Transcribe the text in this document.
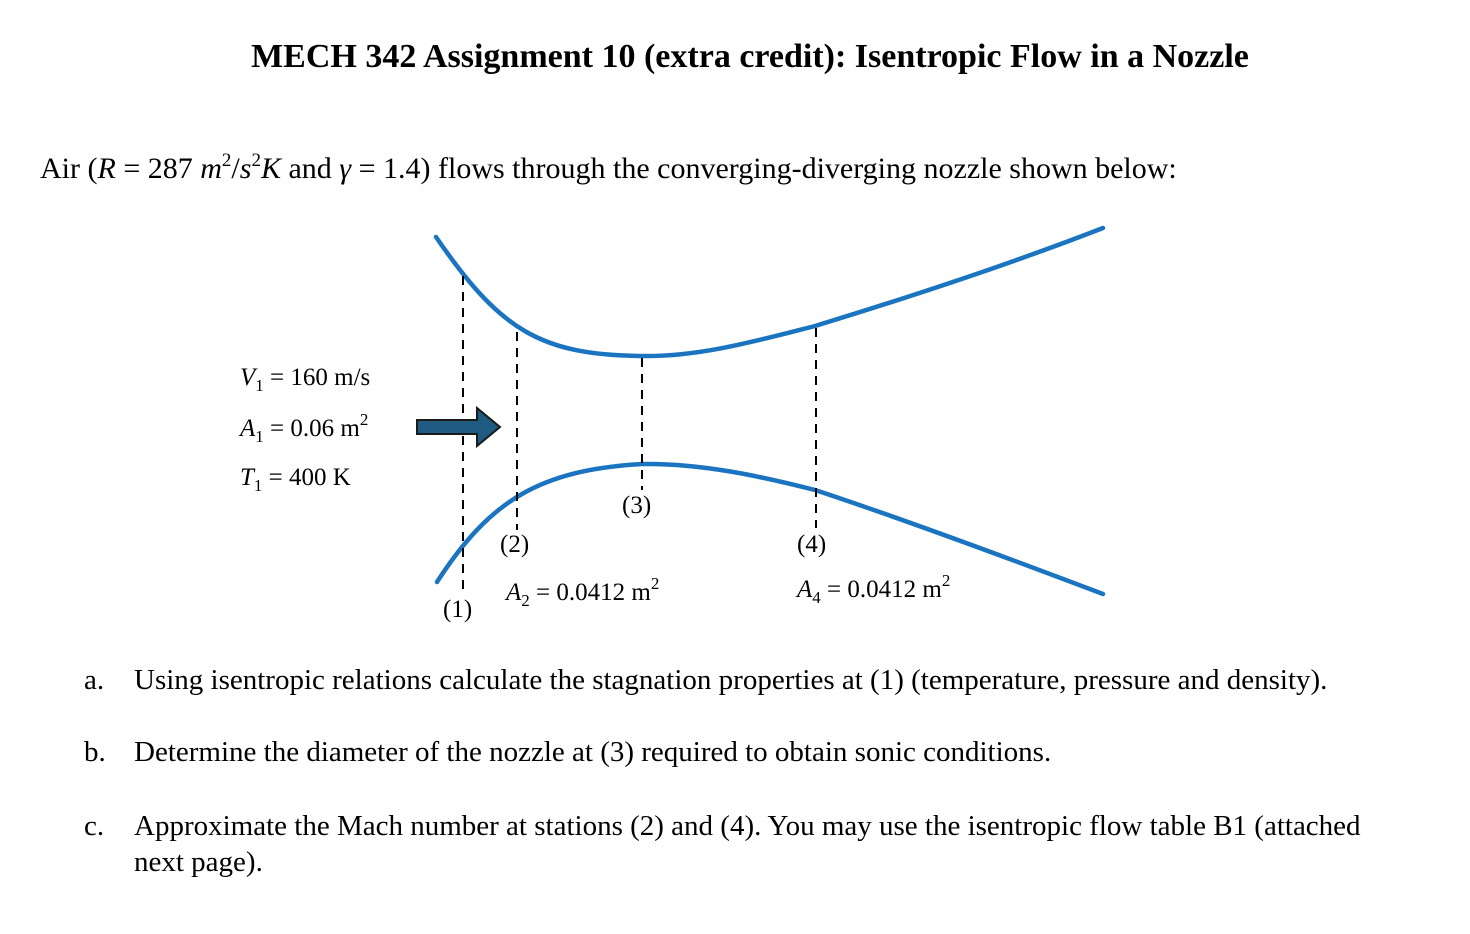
MECH 342 Assignment 10 (extra credit): Isentropic Flow in a Nozzle
Air (R = 287 $m^2/s^2K$ and γ = 1.4) flows through the converging-diverging nozzle shown below:
$V_1 = 160$ m/s
$A_1 = 0.06$ $m^2$
$T_1 = 400$ K
(1)
(2)
(3)
(4)
$A_2 = 0.0412$ $m^2$	$A_4 = 0.0412$ $m^2$
a.	Using isentropic relations calculate the stagnation properties at (1) (temperature, pressure and density).
b. Determine the diameter of the nozzle at (3) required to obtain sonic conditions.
c.	Approximate the Mach number at stations (2) and (4). You may use the isentropic flow table B1 (attached next page).
